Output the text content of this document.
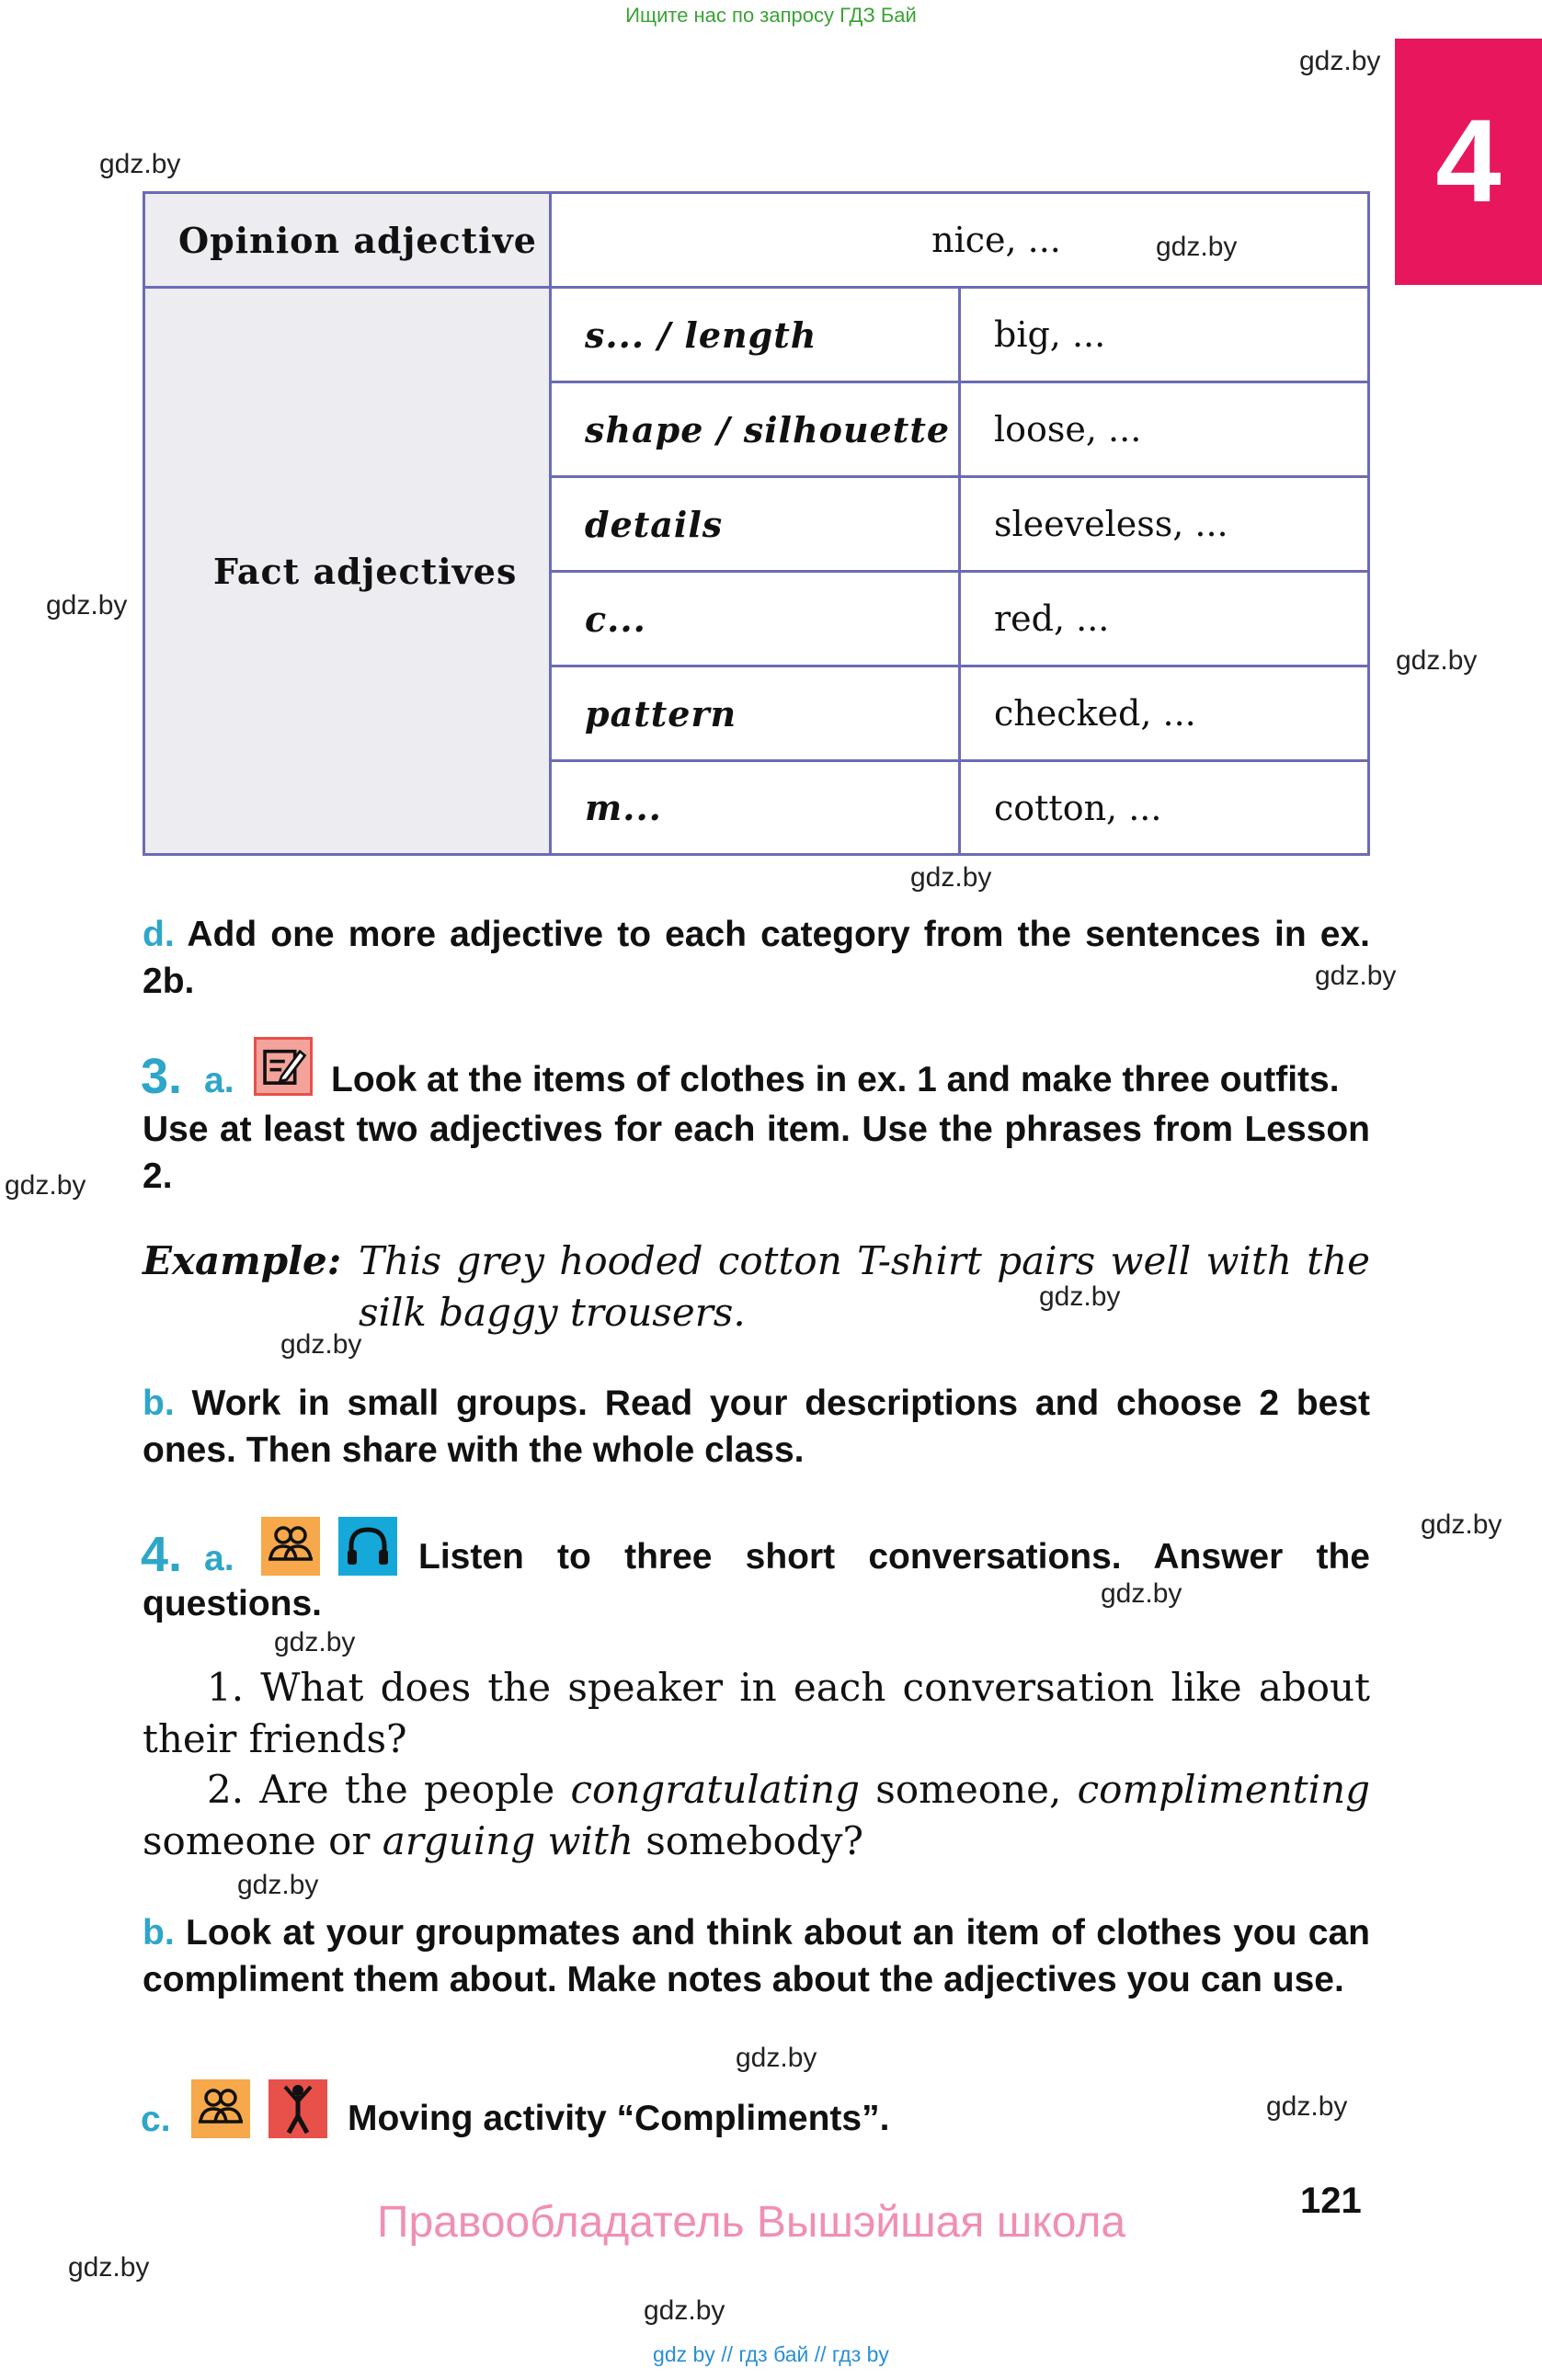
Ищите нас по запросу ГДЗ Бай
4
gdz.by
gdz.by
gdz.by
gdz.by
gdz.by
gdz.by
gdz.by
gdz.by
gdz.by
gdz.by
gdz.by
gdz.by
gdz.by
gdz.by
gdz.by
gdz.by
gdz.by
gdz.by
Opinion adjective	nice, ...
Fact adjectives
s... / length	big, ...
shape / silhouette	loose, ...
details	sleeveless, ...
c...	red, ...
pattern	checked, ...
m...	cotton, ...
d. Add one more adjective to each category from the sentences in ex. 2b.
3. a.	Look at the items of clothes in ex. 1 and make three outfits.
Use at least two adjectives for each item. Use the phrases from Lesson 2.
Example: This grey hooded cotton T-shirt pairs well with the silk baggy trousers.
b. Work in small groups. Read your descriptions and choose 2 best ones. Then share with the whole class.
4. a.	Listen to three short conversations. Answer the questions.
1. What does the speaker in each conversation like about their friends?
2. Are the people congratulating someone, complimenting someone or arguing with somebody?
b. Look at your groupmates and think about an item of clothes you can compliment them about. Make notes about the adjectives you can use.
c.	Moving activity “Compliments”.
121
Правообладатель Вышэйшая школа
gdz by // гдз бай // гдз by
